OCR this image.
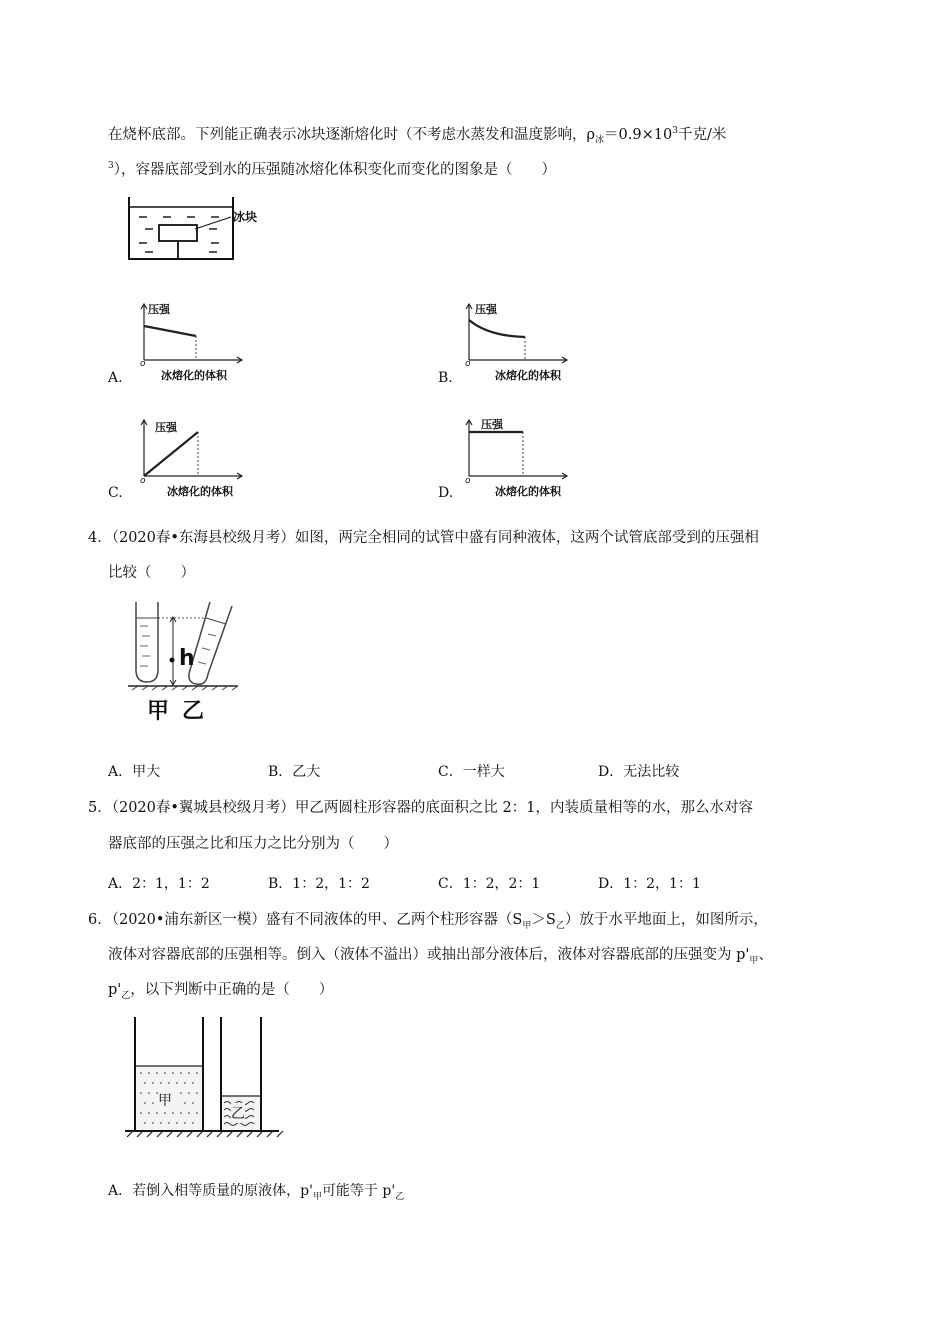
在烧杯底部。下列能正确表示冰块逐渐熔化时（不考虑水蒸发和温度影响，$\rho_冰=0.9\times 10^3$千克/米
$^3$），容器底部受到水的压强随冰熔化体积变化而变化的图象是（　　）
冰块
A.
压强
o
冰熔化的体积	B.
压强
o
冰熔化的体积
C.
压强
o
冰熔化的体积	D.
压强
o
冰熔化的体积
4．（2020春•东海县校级月考）如图，两完全相同的试管中盛有同种液体，这两个试管底部受到的压强相
比较（　　）
h
甲 乙
A．甲大	B．乙大	C．一样大	D．无法比较
5．（2020春•翼城县校级月考）甲乙两圆柱形容器的底面积之比 2：1，内装质量相等的水，那么水对容
器底部的压强之比和压力之比分别为（　　）
A．2：1，1：2	B．1：2，1：2	C．1：2，2：1	D．1：2，1：1
6．（2020•浦东新区一模）盛有不同液体的甲、乙两个柱形容器$(S_甲>S_乙)$放于水平地面上，如图所示，
液体对容器底部的压强相等。倒入（液体不溢出）或抽出部分液体后，液体对容器底部的压强变为 $p'_甲$、
$p'_乙$，以下判断中正确的是（　　）
甲
乙
A．若倒入相等质量的原液体，$p'_甲$可能等于 $p'_乙$
